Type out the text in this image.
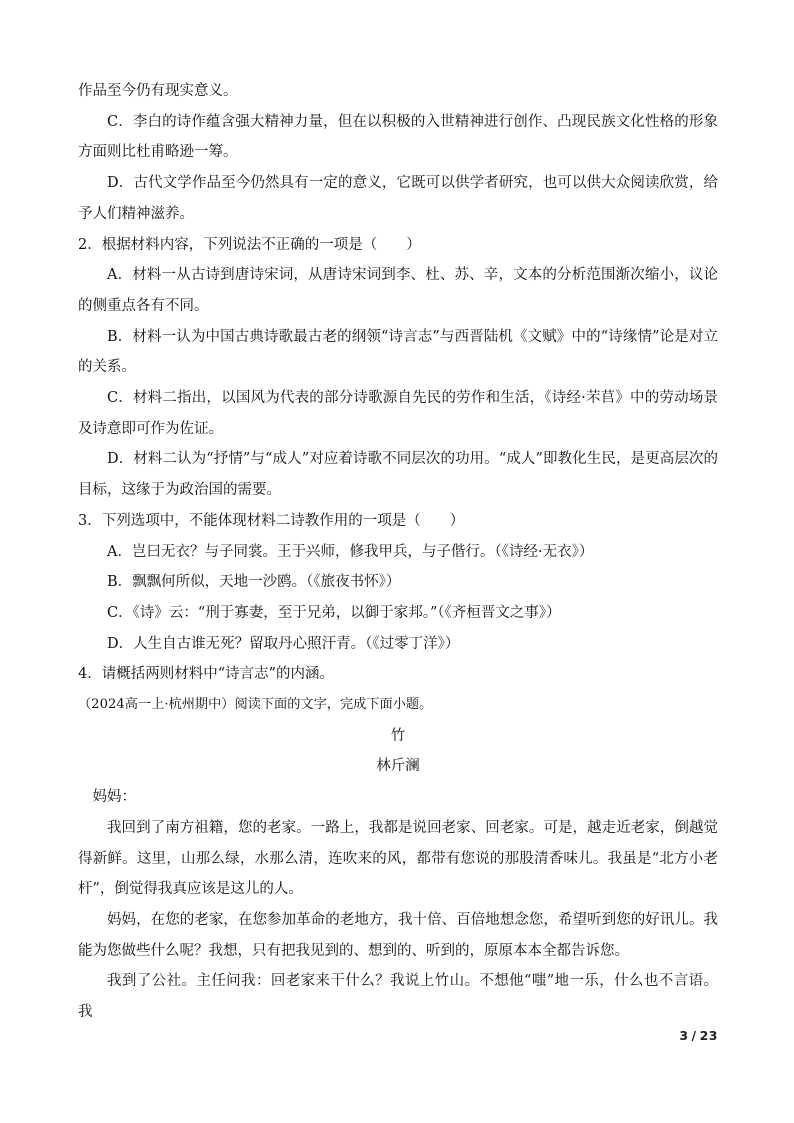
作品至今仍有现实意义。

C．李白的诗作蕴含强大精神力量，但在以积极的入世精神进行创作、凸现民族文化性格的形象方面则比杜甫略逊一筹。

D．古代文学作品至今仍然具有一定的意义，它既可以供学者研究，也可以供大众阅读欣赏，给予人们精神滋养。

2．根据材料内容，下列说法不正确的一项是（　　）

A．材料一从古诗到唐诗宋词，从唐诗宋词到李、杜、苏、辛，文本的分析范围渐次缩小，议论的侧重点各有不同。

B．材料一认为中国古典诗歌最古老的纲领“诗言志”与西晋陆机《文赋》中的“诗缘情”论是对立的关系。

C．材料二指出，以国风为代表的部分诗歌源自先民的劳作和生活，《诗经·芣苢》中的劳动场景及诗意即可作为佐证。

D．材料二认为“抒情”与“成人”对应着诗歌不同层次的功用。“成人”即教化生民，是更高层次的目标，这缘于为政治国的需要。

3．下列选项中，不能体现材料二诗教作用的一项是（　　）

A．岂曰无衣？与子同裳。王于兴师，修我甲兵，与子偕行。（《诗经·无衣》）

B．飘飘何所似，天地一沙鸥。（《旅夜书怀》）

C．《诗》云：“刑于寡妻，至于兄弟，以御于家邦。”（《齐桓晋文之事》）

D．人生自古谁无死？留取丹心照汗青。（《过零丁洋》）

4．请概括两则材料中“诗言志”的内涵。

（2024高一上·杭州期中）阅读下面的文字，完成下面小题。

竹

林斤澜

妈妈：

我回到了南方祖籍，您的老家。一路上，我都是说回老家、回老家。可是，越走近老家，倒越觉得新鲜。这里，山那么绿，水那么清，连吹来的风，都带有您说的那股清香味儿。我虽是“北方小老杆”，倒觉得我真应该是这儿的人。

妈妈，在您的老家，在您参加革命的老地方，我十倍、百倍地想念您，希望听到您的好讯儿。我能为您做些什么呢？我想，只有把我见到的、想到的、听到的，原原本本全都告诉您。

我到了公社。主任问我：回老家来干什么？我说上竹山。不想他“嗤”地一乐，什么也不言语。 我

3 / 23
